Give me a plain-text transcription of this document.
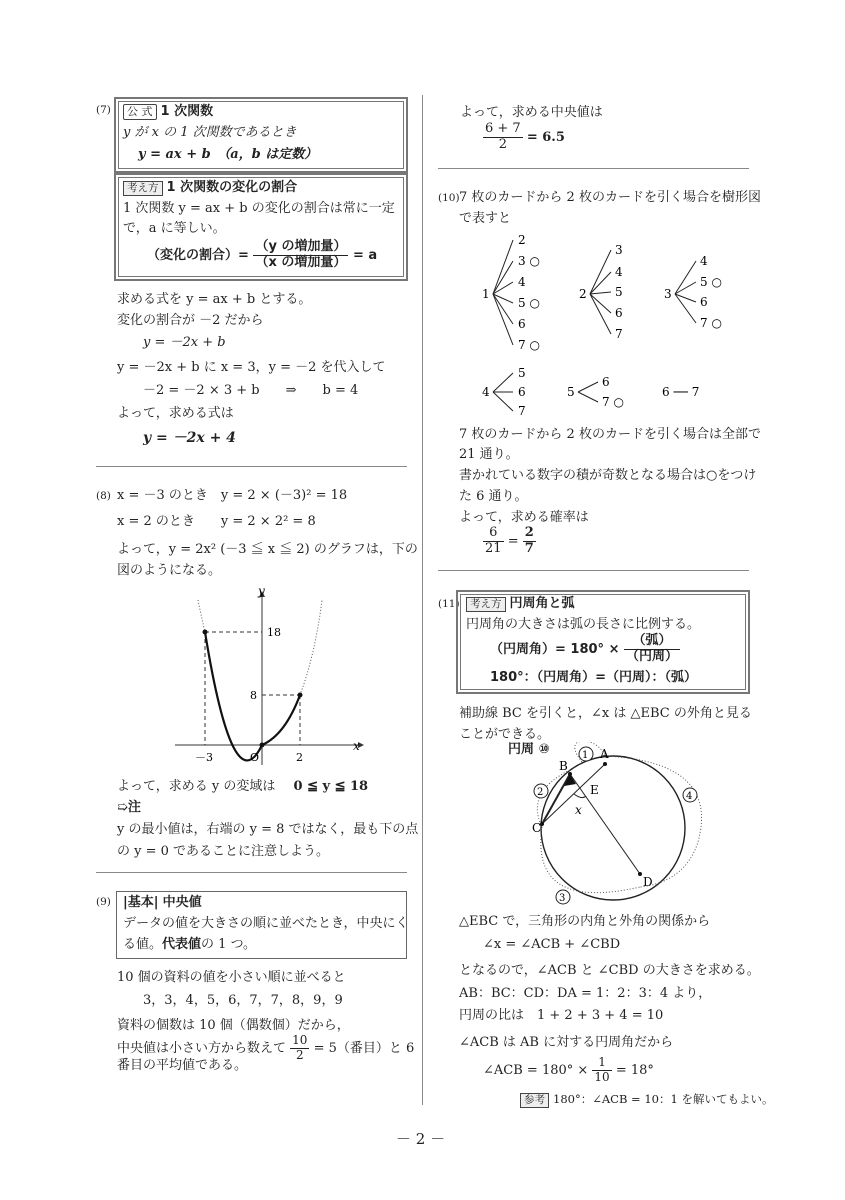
(7)	公 式 1 次関数
y が x の 1 次関数であるとき
y = ax + b　（a，b は定数）
考え方 1 次関数の変化の割合
1 次関数 y = ax + b の変化の割合は常に一定
で，a に等しい。
（変化の割合）= $\frac{\text{（y の増加量）}}{\text{（x の増加量）}} = a$
求める式を y = ax + b とする。
変化の割合が －2 だから
y = －2x + b
y = －2x + b に x = 3，y = －2 を代入して
－2 = －2 × 3 + b　　⇒　　b = 4
よって，求める式は
y = －2x + 4
(8) x = －3 のとき　y = 2 × (－3)² = 18
x = 2 のとき　　y = 2 × 2² = 8
よって，y = 2x² (－3 ≦ x ≦ 2) のグラフは，下の
図のようになる。
y
x
O
18
8
－3	2
よって，求める y の変域は 0 ≦ y ≦ 18
➯注
y の最小値は，右端の y = 8 ではなく，最も下の点
の y = 0 であることに注意しよう。
(9) |基本| 中央値
データの値を大きさの順に並べたとき，中央にく
る値。代表値の 1 つ。
10 個の資料の値を小さい順に並べると
3，3，4，5，6，7，7，8，9，9
資料の個数は 10 個（偶数個）だから，
中央値は小さい方から数えて $\frac{10}{2} = 5$（番目）と 6
番目の平均値である。
よって，求める中央値は
$\frac{6 + 7}{2} = 6.5$
(10) 7 枚のカードから 2 枚のカードを引く場合を樹形図
で表すと
1
2
3 ○
4
5 ○
6
7 ○
2
3
4
5
6
7
3
4
5 ○
6
7 ○
4
5
6
7
5
6
7 ○
6 ── 7
7 枚のカードから 2 枚のカードを引く場合は全部で
21 通り。
書かれている数字の積が奇数となる場合は○をつけ
た 6 通り。
よって，求める確率は
$\frac{6}{21} = \frac{2}{7}$
(11) 考え方 円周角と弧
円周角の大きさは弧の長さに比例する。
（円周角）= $180^\circ \times \frac{\text{（弧）}}{\text{（円周）}}$
180°：（円周角）=（円周）：（弧）
補助線 BC を引くと，∠x は △EBC の外角と見る
ことができる。
円周 ⑩	A
B
C
D
E
x
1
2
3
4
△EBC で，三角形の内角と外角の関係から
∠x = ∠ACB + ∠CBD
となるので，∠ACB と ∠CBD の大きさを求める。
AB：BC：CD：DA = 1：2：3：4 より，
円周の比は　1 + 2 + 3 + 4 = 10
∠ACB は AB に対する円周角だから
∠ACB = $180^\circ \times \frac{1}{10} = 18^\circ$
参考 180°：∠ACB = 10：1 を解いてもよい。
－ 2 －
